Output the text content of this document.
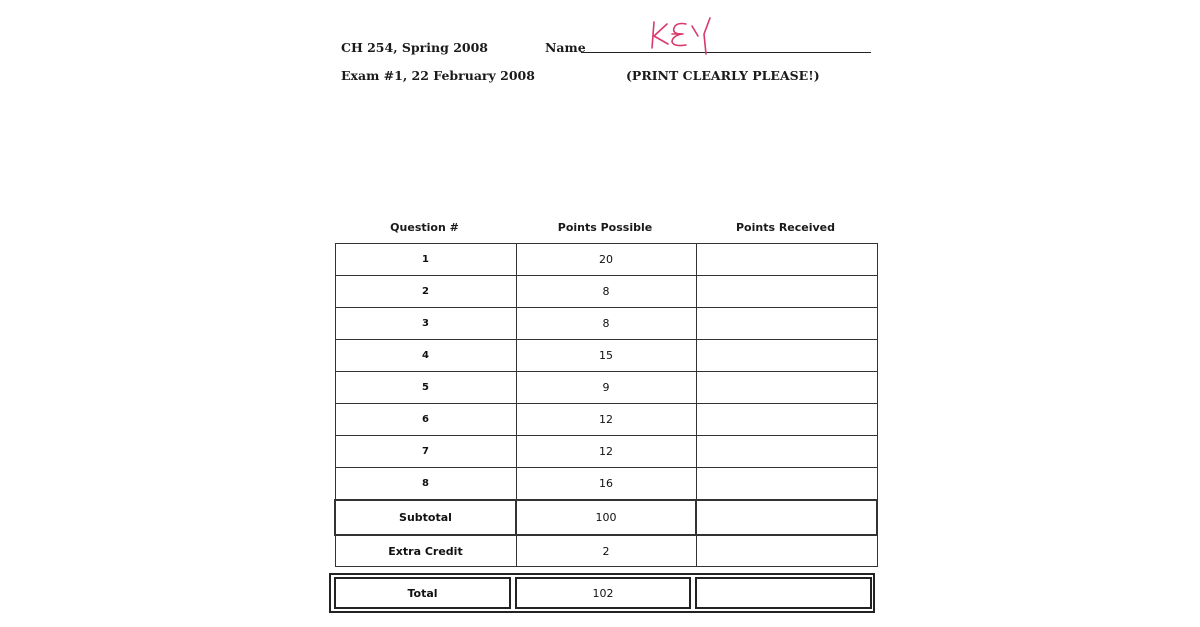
CH 254, Spring 2008
Exam #1, 22 February 2008
Name
(PRINT CLEARLY PLEASE!)
Question #	Points Possible	Points Received
1	20	
2	8	
3	8	
4	15	
5	9	
6	12	
7	12	
8	16	
Subtotal	100	
Extra Credit	2	
Total	102
